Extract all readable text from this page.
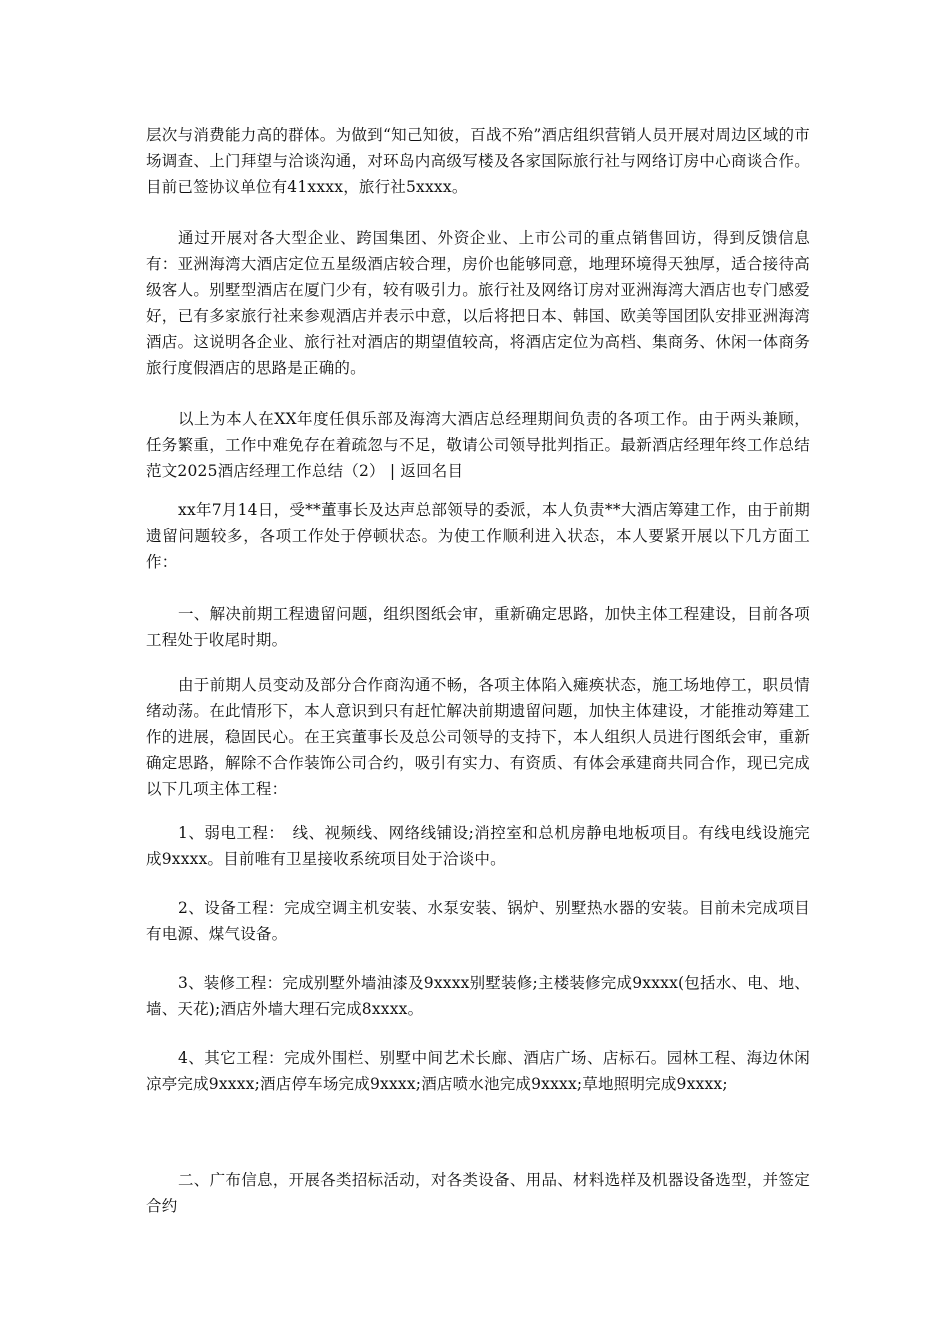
层次与消费能力高的群体。为做到“知己知彼，百战不殆”酒店组织营销人员开展对周边区域的市场调查、上门拜望与洽谈沟通，对环岛内高级写楼及各家国际旅行社与网络订房中心商谈合作。目前已签协议单位有41xxxx，旅行社5xxxx。

通过开展对各大型企业、跨国集团、外资企业、上市公司的重点销售回访，得到反馈信息有：亚洲海湾大酒店定位五星级酒店较合理，房价也能够同意，地理环境得天独厚，适合接待高级客人。别墅型酒店在厦门少有，较有吸引力。旅行社及网络订房对亚洲海湾大酒店也专门感爱好，已有多家旅行社来参观酒店并表示中意，以后将把日本、韩国、欧美等国团队安排亚洲海湾酒店。这说明各企业、旅行社对酒店的期望值较高，将酒店定位为高档、集商务、休闲一体商务旅行度假酒店的思路是正确的。

以上为本人在XX年度任俱乐部及海湾大酒店总经理期间负责的各项工作。由于两头兼顾，任务繁重，工作中难免存在着疏忽与不足，敬请公司领导批判指正。最新酒店经理年终工作总结范文2025酒店经理工作总结（2） | 返回名目

xx年7月14日，受**董事长及达声总部领导的委派，本人负责**大酒店筹建工作，由于前期遗留问题较多，各项工作处于停顿状态。为使工作顺利进入状态，本人要紧开展以下几方面工作：

一、解决前期工程遗留问题，组织图纸会审，重新确定思路，加快主体工程建设，目前各项工程处于收尾时期。

由于前期人员变动及部分合作商沟通不畅，各项主体陷入瘫痪状态，施工场地停工，职员情绪动荡。在此情形下，本人意识到只有赶忙解决前期遗留问题，加快主体建设，才能推动筹建工作的进展，稳固民心。在王宾董事长及总公司领导的支持下，本人组织人员进行图纸会审，重新确定思路，解除不合作装饰公司合约，吸引有实力、有资质、有体会承建商共同合作，现已完成以下几项主体工程：

1、弱电工程：　线、视频线、网络线铺设;消控室和总机房静电地板项目。有线电线设施完成9xxxx。目前唯有卫星接收系统项目处于洽谈中。

2、设备工程：完成空调主机安装、水泵安装、锅炉、别墅热水器的安装。目前未完成项目有电源、煤气设备。

3、装修工程：完成别墅外墙油漆及9xxxx别墅装修;主楼装修完成9xxxx(包括水、电、地、墙、天花);酒店外墙大理石完成8xxxx。

4、其它工程：完成外围栏、别墅中间艺术长廊、酒店广场、店标石。园林工程、海边休闲凉亭完成9xxxx;酒店停车场完成9xxxx;酒店喷水池完成9xxxx;草地照明完成9xxxx;

二、广布信息，开展各类招标活动，对各类设备、用品、材料选样及机器设备选型，并签定合约
